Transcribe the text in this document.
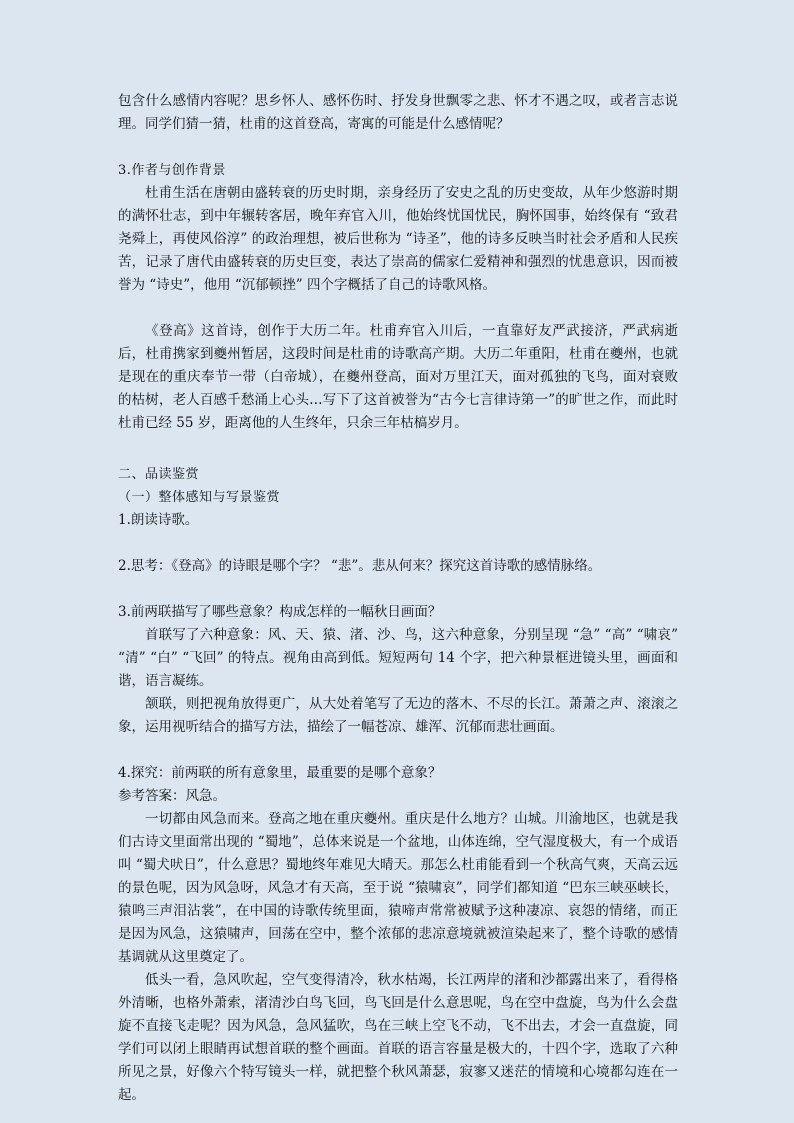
包含什么感情内容呢？思乡怀人、感怀伤时、抒发身世飘零之悲、怀才不遇之叹，或者言志说理。同学们猜一猜，杜甫的这首登高，寄寓的可能是什么感情呢？

3.作者与创作背景

杜甫生活在唐朝由盛转衰的历史时期，亲身经历了安史之乱的历史变故，从年少悠游时期的满怀壮志，到中年辗转客居，晚年弃官入川，他始终忧国忧民，胸怀国事，始终保有 “致君尧舜上，再使风俗淳” 的政治理想，被后世称为 “诗圣”，他的诗多反映当时社会矛盾和人民疾苦，记录了唐代由盛转衰的历史巨变，表达了崇高的儒家仁爱精神和强烈的忧患意识，因而被誉为 “诗史”，他用 “沉郁顿挫” 四个字概括了自己的诗歌风格。

《登高》这首诗，创作于大历二年。杜甫弃官入川后，一直靠好友严武接济，严武病逝后，杜甫携家到夔州暂居，这段时间是杜甫的诗歌高产期。大历二年重阳，杜甫在夔州，也就是现在的重庆奉节一带（白帝城），在夔州登高，面对万里江天，面对孤独的飞鸟，面对衰败的枯树，老人百感千愁涌上心头…写下了这首被誉为“古今七言律诗第一”的旷世之作，而此时杜甫已经 55 岁，距离他的人生终年，只余三年枯槁岁月。

二、品读鉴赏

（一）整体感知与写景鉴赏

1.朗读诗歌。

2.思考：《登高》的诗眼是哪个字？ “悲”。悲从何来？探究这首诗歌的感情脉络。

3.前两联描写了哪些意象？构成怎样的一幅秋日画面？

首联写了六种意象：风、天、猿、渚、沙、鸟，这六种意象，分别呈现 “急” “高” “啸哀” “清” “白” “飞回” 的特点。视角由高到低。短短两句 14 个字，把六种景框进镜头里，画面和谐，语言凝练。

颔联，则把视角放得更广，从大处着笔写了无边的落木、不尽的长江。萧萧之声、滚滚之象，运用视听结合的描写方法，描绘了一幅苍凉、雄浑、沉郁而悲壮画面。

4.探究：前两联的所有意象里，最重要的是哪个意象？

参考答案：风急。

一切都由风急而来。登高之地在重庆夔州。重庆是什么地方？山城。川渝地区，也就是我们古诗文里面常出现的 “蜀地”，总体来说是一个盆地，山体连绵，空气湿度极大，有一个成语叫 “蜀犬吠日”，什么意思？蜀地终年难见大晴天。那怎么杜甫能看到一个秋高气爽，天高云远的景色呢，因为风急呀，风急才有天高，至于说 “猿啸哀”，同学们都知道 “巴东三峡巫峡长，猿鸣三声泪沾裳”，在中国的诗歌传统里面，猿啼声常常被赋予这种凄凉、哀怨的情绪，而正是因为风急，这猿啸声，回荡在空中，整个浓郁的悲凉意境就被渲染起来了，整个诗歌的感情基调就从这里奠定了。

低头一看，急风吹起，空气变得清冷，秋水枯竭，长江两岸的渚和沙都露出来了，看得格外清晰，也格外萧索，渚清沙白鸟飞回，鸟飞回是什么意思呢，鸟在空中盘旋，鸟为什么会盘旋不直接飞走呢？因为风急，急风猛吹，鸟在三峡上空飞不动，飞不出去，才会一直盘旋，同学们可以闭上眼睛再试想首联的整个画面。首联的语言容量是极大的，十四个字，选取了六种所见之景，好像六个特写镜头一样，就把整个秋风萧瑟，寂寥又迷茫的情境和心境都勾连在一起。
